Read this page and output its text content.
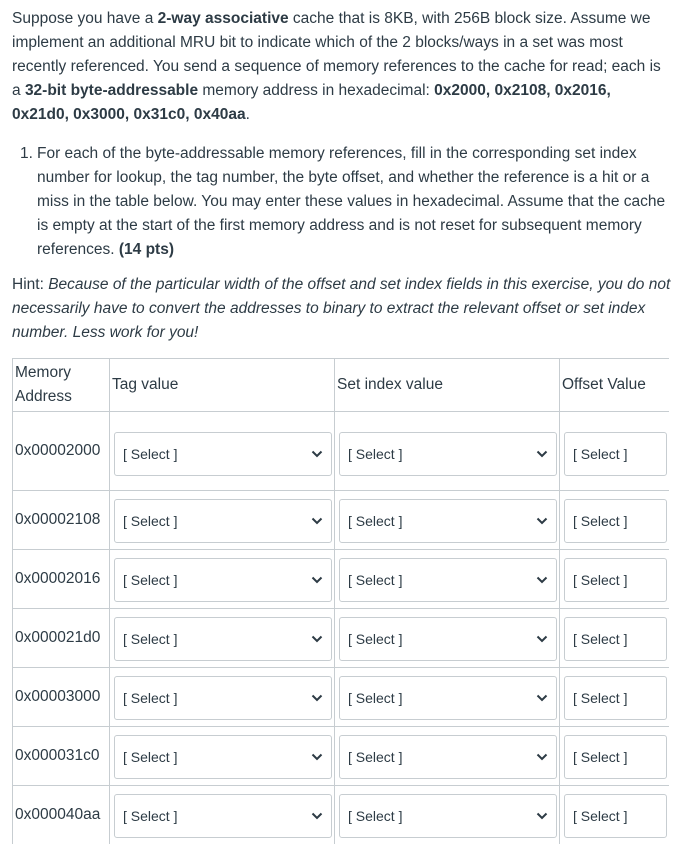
Suppose you have a 2-way associative cache that is 8KB, with 256B block size. Assume we implement an additional MRU bit to indicate which of the 2 blocks/ways in a set was most recently referenced. You send a sequence of memory references to the cache for read; each is a 32-bit byte-addressable memory address in hexadecimal: 0x2000, 0x2108, 0x2016, 0x21d0, 0x3000, 0x31c0, 0x40aa.

1. For each of the byte-addressable memory references, fill in the corresponding set index number for lookup, the tag number, the byte offset, and whether the reference is a hit or a miss in the table below. You may enter these values in hexadecimal. Assume that the cache is empty at the start of the first memory address and is not reset for subsequent memory references. (14 pts)

Hint: Because of the particular width of the offset and set index fields in this exercise, you do not necessarily have to convert the addresses to binary to extract the relevant offset or set index number. Less work for you!

Memory Address	Tag value	Set index value	Offset Value
0x00002000	[ Select ]	[ Select ]	[ Select ]

0x00002108	[ Select ]	[ Select ]	[ Select ]

0x00002016	[ Select ]	[ Select ]	[ Select ]

0x000021d0	[ Select ]	[ Select ]	[ Select ]

0x00003000	[ Select ]	[ Select ]	[ Select ]

0x000031c0	[ Select ]	[ Select ]	[ Select ]

0x000040aa	[ Select ]	[ Select ]	[ Select ]
